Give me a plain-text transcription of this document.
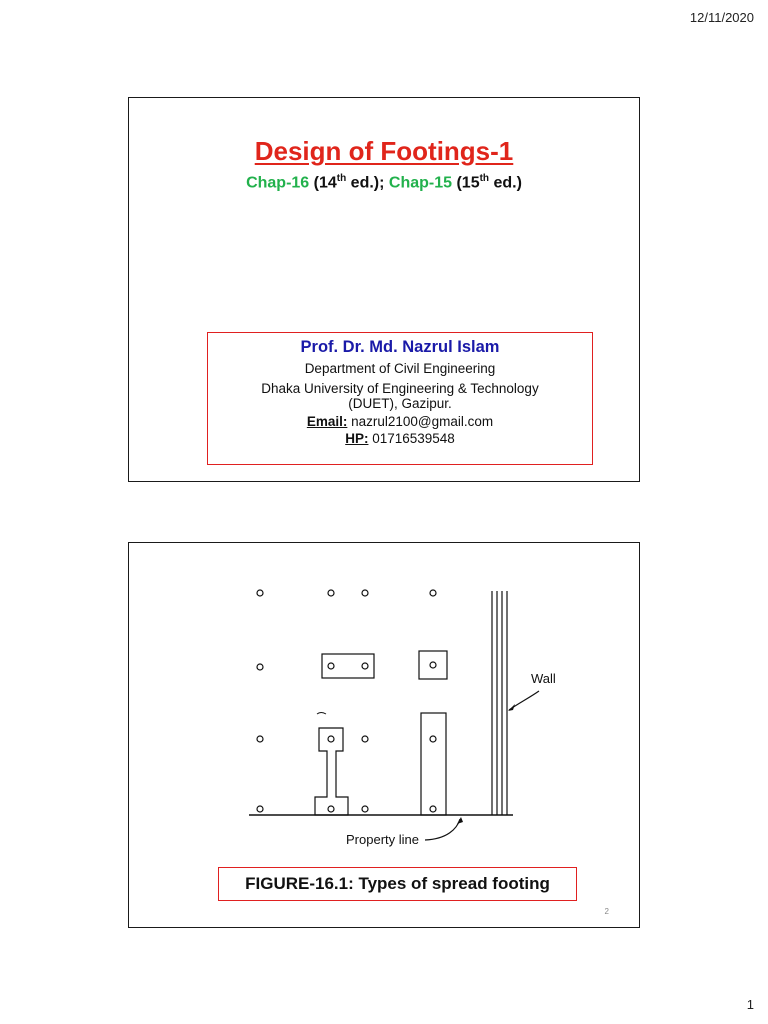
12/11/2020
Design of Footings-1
Chap-16 (14th ed.); Chap-15 (15th ed.)
Prof. Dr. Md. Nazrul Islam
Department of Civil Engineering
Dhaka University of Engineering & Technology
(DUET), Gazipur.
Email: nazrul2100@gmail.com
HP: 01716539548
Wall
Property line
FIGURE-16.1: Types of spread footing
2
1
